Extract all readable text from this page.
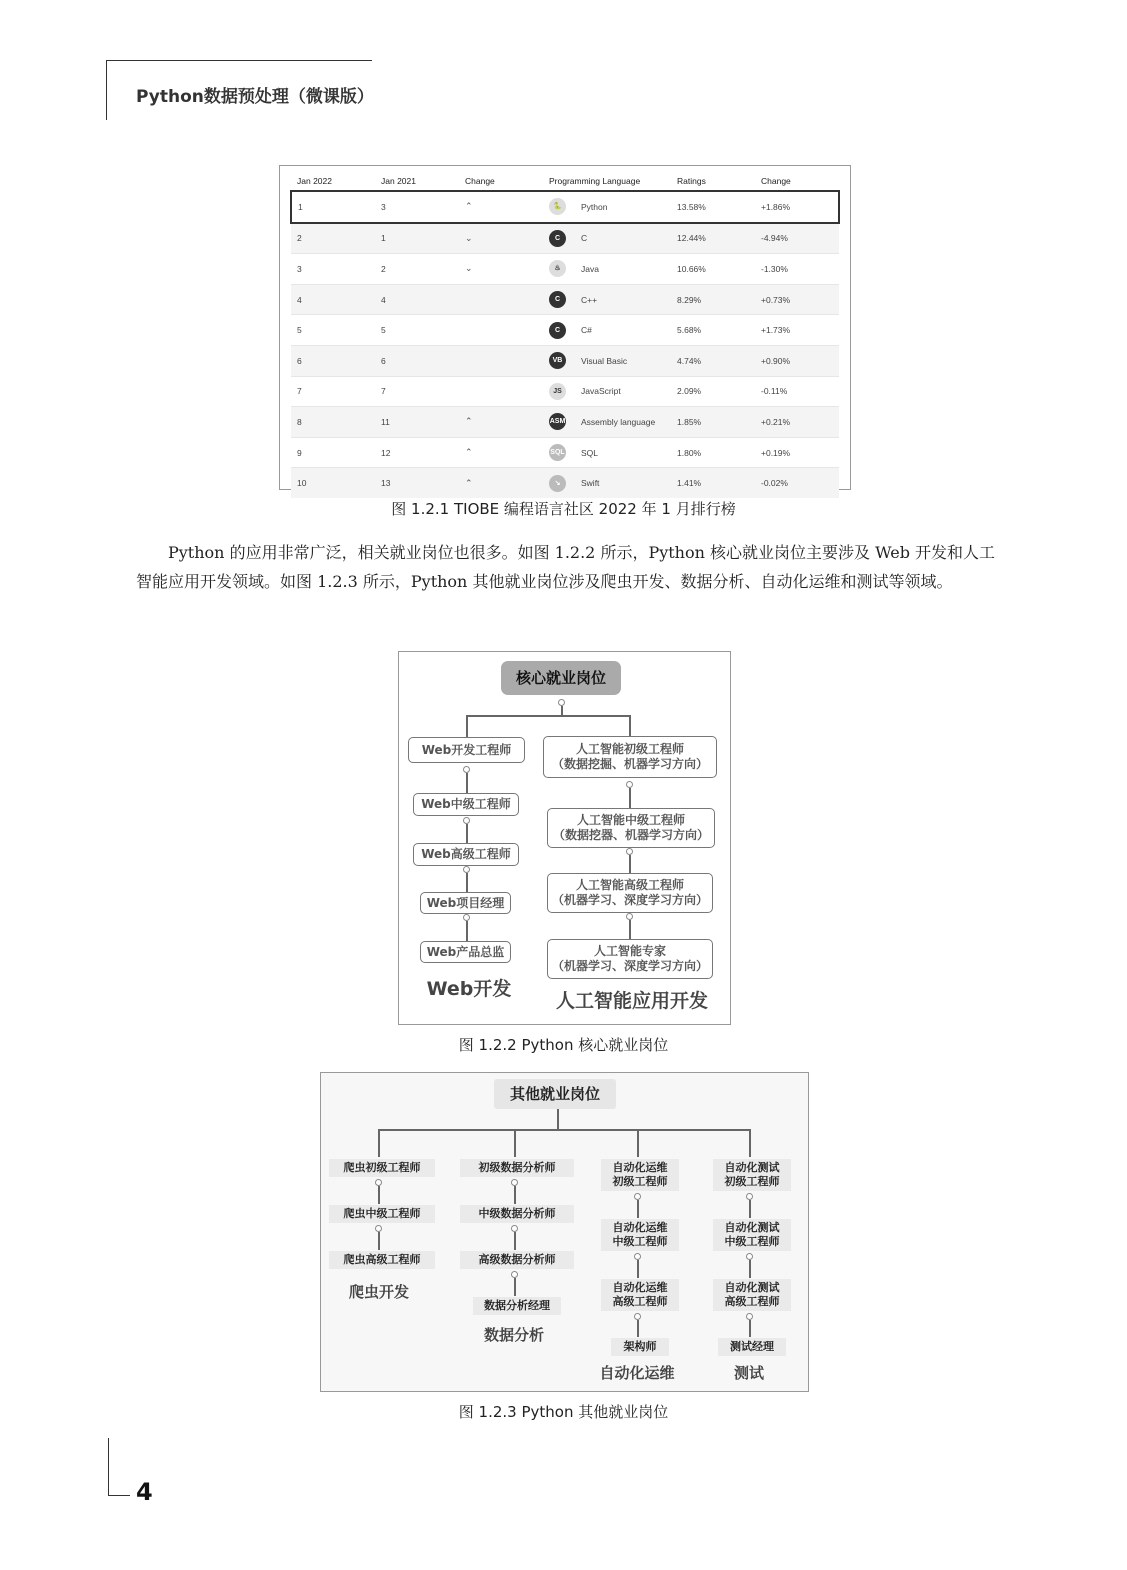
Python数据预处理（微课版）
Jan 2022	Jan 2021	Change	Programming Language		Ratings	Change
1	3	⌃	🐍	Python	13.58%	+1.86%
2	1	⌄	C	C	12.44%	-4.94%
3	2	⌄	♨	Java	10.66%	-1.30%
4	4		C	C++	8.29%	+0.73%
5	5		C	C#	5.68%	+1.73%
6	6		VB	Visual Basic	4.74%	+0.90%
7	7		JS	JavaScript	2.09%	-0.11%
8	11	⌃	ASM	Assembly language	1.85%	+0.21%
9	12	⌃	SQL	SQL	1.80%	+0.19%
10	13	⌃	↘	Swift	1.41%	-0.02%
图 1.2.1 TIOBE 编程语言社区 2022 年 1 月排行榜
Python 的应用非常广泛，相关就业岗位也很多。如图 1.2.2 所示，Python 核心就业岗位主要涉及 Web 开发和人工智能应用开发领域。如图 1.2.3 所示，Python 其他就业岗位涉及爬虫开发、数据分析、自动化运维和测试等领域。
核心就业岗位
Web开发工程师
Web中级工程师
Web高级工程师
Web项目经理
Web产品总监
Web开发
人工智能初级工程师
（数据挖掘、机器学习方向）
人工智能中级工程师
（数据挖器、机器学习方向）
人工智能高级工程师
（机器学习、深度学习方向）
人工智能专家
（机器学习、深度学习方向）
人工智能应用开发
图 1.2.2 Python 核心就业岗位
其他就业岗位
爬虫初级工程师
爬虫中级工程师
爬虫高级工程师
爬虫开发
初级数据分析师
中级数据分析师
高级数据分析师
数据分析经理
数据分析
自动化运维
初级工程师
自动化运维
中级工程师
自动化运维
高级工程师
架构师
自动化运维
自动化测试
初级工程师
自动化测试
中级工程师
自动化测试
高级工程师
测试经理
测试
图 1.2.3 Python 其他就业岗位
4
